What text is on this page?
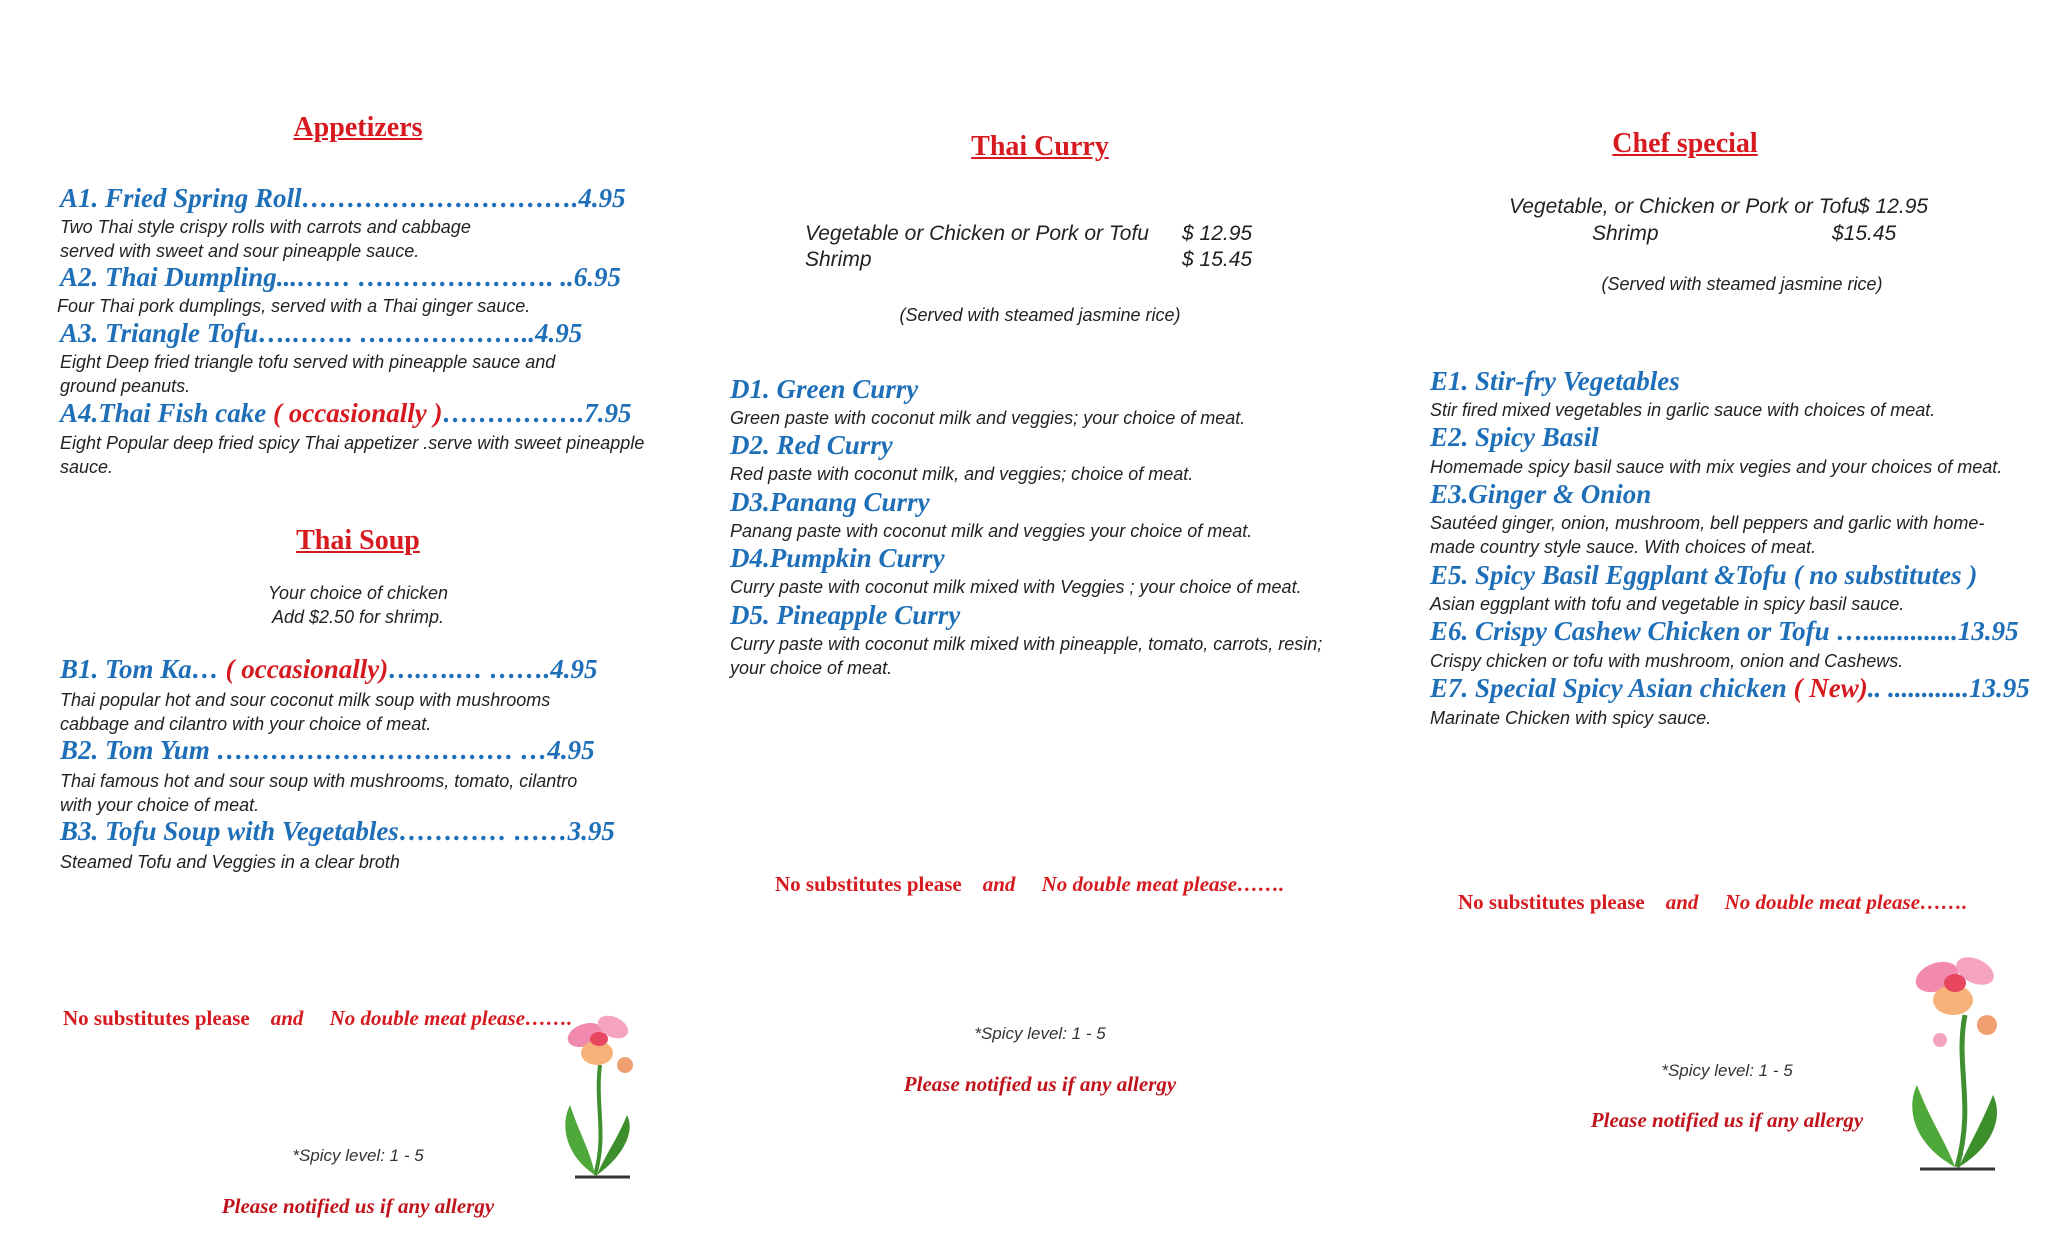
Appetizers
A1. Fried Spring Roll………………………….4.95
Two Thai style crispy rolls with carrots and cabbage
served with sweet and sour pineapple sauce.
A2. Thai Dumpling...…… …………………. ..6.95
Four Thai pork dumplings, served with a Thai ginger sauce.
A3. Triangle Tofu….……. ………………..4.95
Eight Deep fried triangle tofu served with pineapple sauce and
ground peanuts.
A4.Thai Fish cake ( occasionally )…………….7.95
Eight Popular deep fried spicy Thai appetizer .serve with sweet pineapple
sauce.
Thai Soup
Your choice of chicken
Add $2.50 for shrimp.
B1. Tom Ka… ( occasionally)….….… …….4.95
Thai popular hot and sour coconut milk soup with mushrooms
cabbage and cilantro with your choice of meat.
B2. Tom Yum …………………………… …4.95
Thai famous hot and sour soup with mushrooms, tomato, cilantro
with your choice of meat.
B3. Tofu Soup with Vegetables………… ……3.95
Steamed Tofu and Veggies in a clear broth
No substitutes please and No double meat please…….
*Spicy level: 1 - 5
Please notified us if any allergy
Thai Curry
Vegetable or Chicken or Pork or Tofu $ 12.95
Shrimp	$ 15.45
(Served with steamed jasmine rice)
D1. Green Curry
Green paste with coconut milk and veggies; your choice of meat.
D2. Red Curry
Red paste with coconut milk, and veggies; choice of meat.
D3.Panang Curry
Panang paste with coconut milk and veggies your choice of meat.
D4.Pumpkin Curry
Curry paste with coconut milk mixed with Veggies ; your choice of meat.
D5. Pineapple Curry
Curry paste with coconut milk mixed with pineapple, tomato, carrots, resin;
your choice of meat.
No substitutes please and No double meat please…….
*Spicy level: 1 - 5
Please notified us if any allergy
Chef special
Vegetable, or Chicken or Pork or Tofu $ 12.95
Shrimp	$15.45
(Served with steamed jasmine rice)
E1. Stir-fry Vegetables
Stir fired mixed vegetables in garlic sauce with choices of meat.
E2. Spicy Basil
Homemade spicy basil sauce with mix vegies and your choices of meat.
E3.Ginger & Onion
Sautéed ginger, onion, mushroom, bell peppers and garlic with home-
made country style sauce. With choices of meat.
E5. Spicy Basil Eggplant &Tofu ( no substitutes )
Asian eggplant with tofu and vegetable in spicy basil sauce.
E6. Crispy Cashew Chicken or Tofu …..............13.95
Crispy chicken or tofu with mushroom, onion and Cashews.
E7. Special Spicy Asian chicken ( New).. ............13.95
Marinate Chicken with spicy sauce.
No substitutes please and No double meat please…….
*Spicy level: 1 - 5
Please notified us if any allergy
